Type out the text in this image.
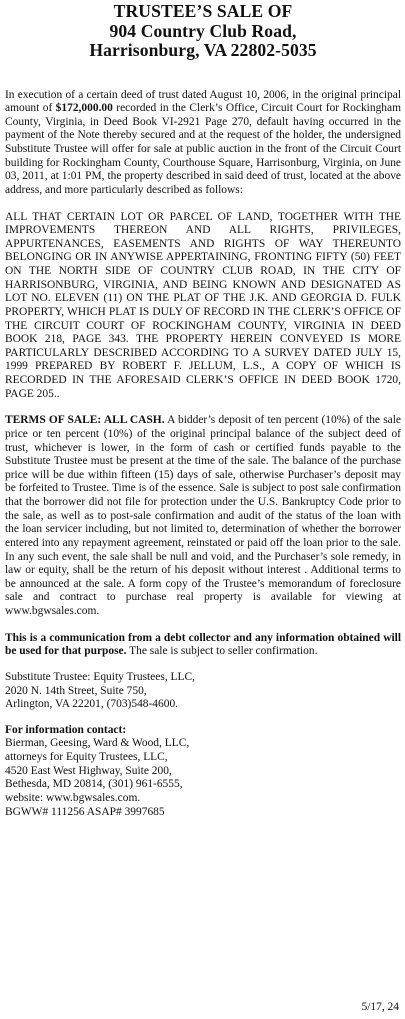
TRUSTEE’S SALE OF
904 Country Club Road,
Harrisonburg, VA 22802-5035

In execution of a certain deed of trust dated August 10, 2006, in the original principal amount of $172,000.00 recorded in the Clerk’s Office, Circuit Court for Rockingham County, Virginia, in Deed Book VI-2921 Page 270, default having occurred in the payment of the Note thereby secured and at the request of the holder, the undersigned Substitute Trustee will offer for sale at public auction in the front of the Circuit Court building for Rockingham County, Courthouse Square, Harrisonburg, Virginia, on June 03, 2011, at 1:01 PM, the property described in said deed of trust, located at the above address, and more particularly described as follows:

ALL THAT CERTAIN LOT OR PARCEL OF LAND, TOGETHER WITH THE IMPROVEMENTS THEREON AND ALL RIGHTS, PRIVILEGES, APPURTENANCES, EASEMENTS AND RIGHTS OF WAY THEREUNTO BELONGING OR IN ANYWISE APPERTAINING, FRONTING FIFTY (50) FEET ON THE NORTH SIDE OF COUNTRY CLUB ROAD, IN THE CITY OF HARRISONBURG, VIRGINIA, AND BEING KNOWN AND DESIGNATED AS LOT NO. ELEVEN (11) ON THE PLAT OF THE J.K. AND GEORGIA D. FULK PROPERTY, WHICH PLAT IS DULY OF RECORD IN THE CLERK’S OFFICE OF THE CIRCUIT COURT OF ROCKINGHAM COUNTY, VIRGINIA IN DEED BOOK 218, PAGE 343. THE PROPERTY HEREIN CONVEYED IS MORE PARTICULARLY DESCRIBED ACCORDING TO A SURVEY DATED JULY 15, 1999 PREPARED BY ROBERT F. JELLUM, L.S., A COPY OF WHICH IS RECORDED IN THE AFORESAID CLERK’S OFFICE IN DEED BOOK 1720, PAGE 205..

TERMS OF SALE: ALL CASH. A bidder’s deposit of ten percent (10%) of the sale price or ten percent (10%) of the original principal balance of the subject deed of trust, whichever is lower, in the form of cash or certified funds payable to the Substitute Trustee must be present at the time of the sale. The balance of the purchase price will be due within fifteen (15) days of sale, otherwise Purchaser’s deposit may be forfeited to Trustee. Time is of the essence. Sale is subject to post sale confirmation that the borrower did not file for protection under the U.S. Bankruptcy Code prior to the sale, as well as to post-sale confirmation and audit of the status of the loan with the loan servicer including, but not limited to, determination of whether the borrower entered into any repayment agreement, reinstated or paid off the loan prior to the sale. In any such event, the sale shall be null and void, and the Purchaser’s sole remedy, in law or equity, shall be the return of his deposit without interest . Additional terms to be announced at the sale. A form copy of the Trustee’s memorandum of foreclosure sale and contract to purchase real property is available for viewing at www.bgwsales.com.

This is a communication from a debt collector and any information obtained will be used for that purpose. The sale is subject to seller confirmation.

Substitute Trustee: Equity Trustees, LLC,
2020 N. 14th Street, Suite 750,
Arlington, VA 22201, (703)548-4600.
For information contact:
Bierman, Geesing, Ward & Wood, LLC,
attorneys for Equity Trustees, LLC,
4520 East West Highway, Suite 200,
Bethesda, MD 20814, (301) 961-6555,
website: www.bgwsales.com.
BGWW# 111256 ASAP# 3997685
5/17, 24
